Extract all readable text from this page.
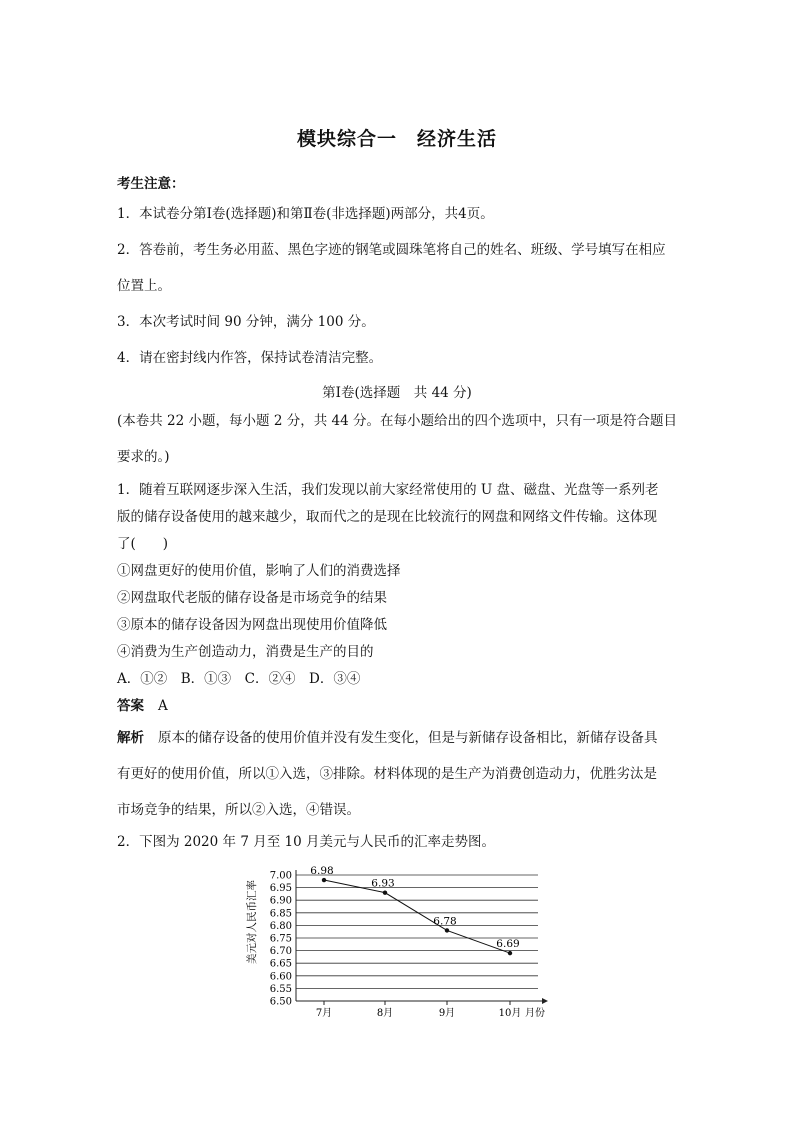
模块综合一　经济生活
考生注意：
1．本试卷分第Ⅰ卷(选择题)和第Ⅱ卷(非选择题)两部分，共4页。
2．答卷前，考生务必用蓝、黑色字迹的钢笔或圆珠笔将自己的姓名、班级、学号填写在相应
位置上。
3．本次考试时间 90 分钟，满分 100 分。
4．请在密封线内作答，保持试卷清洁完整。
第Ⅰ卷(选择题　共 44 分)
(本卷共 22 小题，每小题 2 分，共 44 分。在每小题给出的四个选项中，只有一项是符合题目
要求的。)
1．随着互联网逐步深入生活，我们发现以前大家经常使用的 U 盘、磁盘、光盘等一系列老
版的储存设备使用的越来越少，取而代之的是现在比较流行的网盘和网络文件传输。这体现
了(　　)
①网盘更好的使用价值，影响了人们的消费选择
②网盘取代老版的储存设备是市场竞争的结果
③原本的储存设备因为网盘出现使用价值降低
④消费为生产创造动力，消费是生产的目的
A．①②　B．①③　C．②④　D．③④
答案 A
解析 原本的储存设备的使用价值并没有发生变化，但是与新储存设备相比，新储存设备具
有更好的使用价值，所以①入选，③排除。材料体现的是生产为消费创造动力，优胜劣汰是
市场竞争的结果，所以②入选，④错误。
2．下图为 2020 年 7 月至 10 月美元与人民币的汇率走势图。
6.50
6.55
6.60
6.65
6.70
6.75
6.80
6.85
6.90
6.95
7.00
7月	8月	9月	10月 月份
6.98
6.93
6.78
6.69
美元对人民币汇率
